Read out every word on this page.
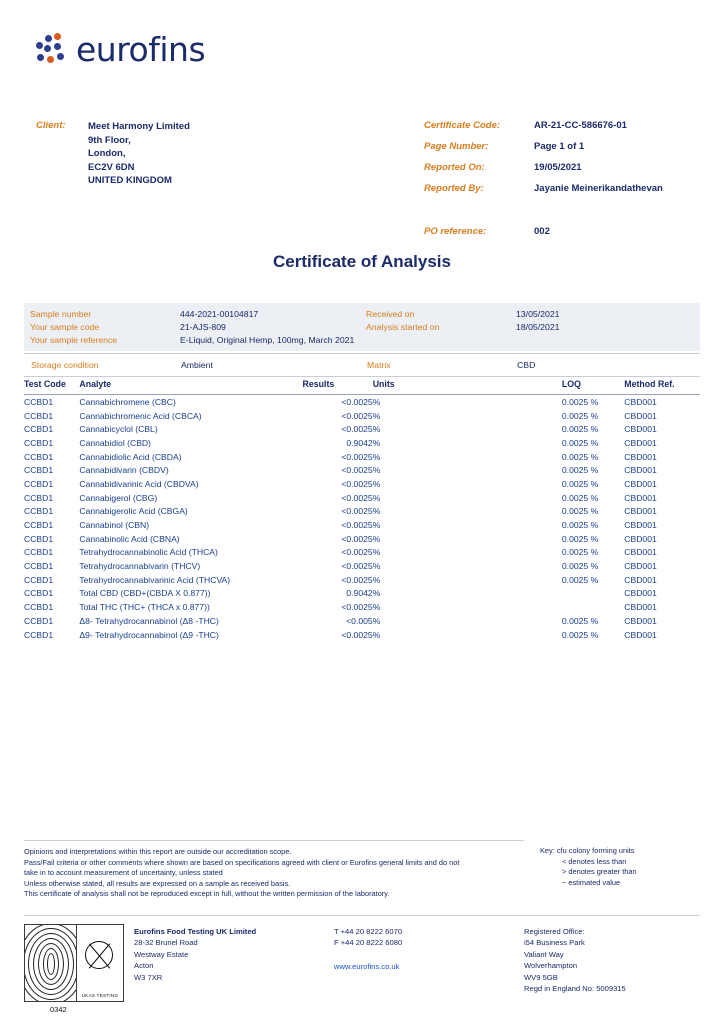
eurofins
Client: Meet Harmony Limited
9th Floor,
London,
EC2V 6DN
UNITED KINGDOM
Certificate Code:	AR-21-CC-586676-01
Page Number:	Page 1 of 1
Reported On:	19/05/2021
Reported By:	Jayanie Meinerikandathevan

PO reference:	002
Certificate of Analysis
Sample number	444-2021-00104817	Received on	13/05/2021
Your sample code	21-AJS-809	Analysis started on	18/05/2021
Your sample reference	E-Liquid, Original Hemp, 100mg, March 2021		
Storage condition	Ambient	Matrix	CBD
Test Code	Analyte	Results	Units		LOQ	Method Ref.
CCBD1	Cannabichromene (CBC)	<0.0025	%		0.0025 %	CBD001
CCBD1	Cannabichromenic Acid (CBCA)	<0.0025	%		0.0025 %	CBD001
CCBD1	Cannabicyclol (CBL)	<0.0025	%		0.0025 %	CBD001
CCBD1	Cannabidiol (CBD)	0.9042	%		0.0025 %	CBD001
CCBD1	Cannabidiolic Acid (CBDA)	<0.0025	%		0.0025 %	CBD001
CCBD1	Cannabidivarin (CBDV)	<0.0025	%		0.0025 %	CBD001
CCBD1	Cannabidivarinic Acid (CBDVA)	<0.0025	%		0.0025 %	CBD001
CCBD1	Cannabigerol (CBG)	<0.0025	%		0.0025 %	CBD001
CCBD1	Cannabigerolic Acid (CBGA)	<0.0025	%		0.0025 %	CBD001
CCBD1	Cannabinol (CBN)	<0.0025	%		0.0025 %	CBD001
CCBD1	Cannabinolic Acid (CBNA)	<0.0025	%		0.0025 %	CBD001
CCBD1	Tetrahydrocannabinolic Acid (THCA)	<0.0025	%		0.0025 %	CBD001
CCBD1	Tetrahydrocannabivarin (THCV)	<0.0025	%		0.0025 %	CBD001
CCBD1	Tetrahydrocannabivarinic Acid (THCVA)	<0.0025	%		0.0025 %	CBD001
CCBD1	Total CBD (CBD+(CBDA X 0.877))	0.9042	%			CBD001
CCBD1	Total THC (THC+ (THCA x 0.877))	<0.0025	%			CBD001
CCBD1	Δ8- Tetrahydrocannabinol (Δ8 -THC)	<0.005	%		0.0025 %	CBD001
CCBD1	Δ9- Tetrahydrocannabinol (Δ9 -THC)	<0.0025	%		0.0025 %	CBD001
Opinions and interpretations within this report are outside our accreditation scope.
Pass/Fail criteria or other comments where shown are based on specifications agreed with client or Eurofins general limits and do not
take in to account measurement of uncertainty, unless stated
Unless otherwise stated, all results are expressed on a sample as received basis.
This certificate of analysis shall not be reproduced except in full, without the written permission of the laboratory.
Key: cfu colony forming units
< denotes less than
> denotes greater than
~ estimated value
UKAS TESTING
0342
Eurofins Food Testing UK Limited
28-32 Brunel Road
Westway Estate
Acton
W3 7XR
T +44 20 8222 6070
F +44 20 8222 6080
www.eurofins.co.uk
Registered Office:
i54 Business Park
Valiant Way
Wolverhampton
WV9 5GB
Regd in England No: 5009315
